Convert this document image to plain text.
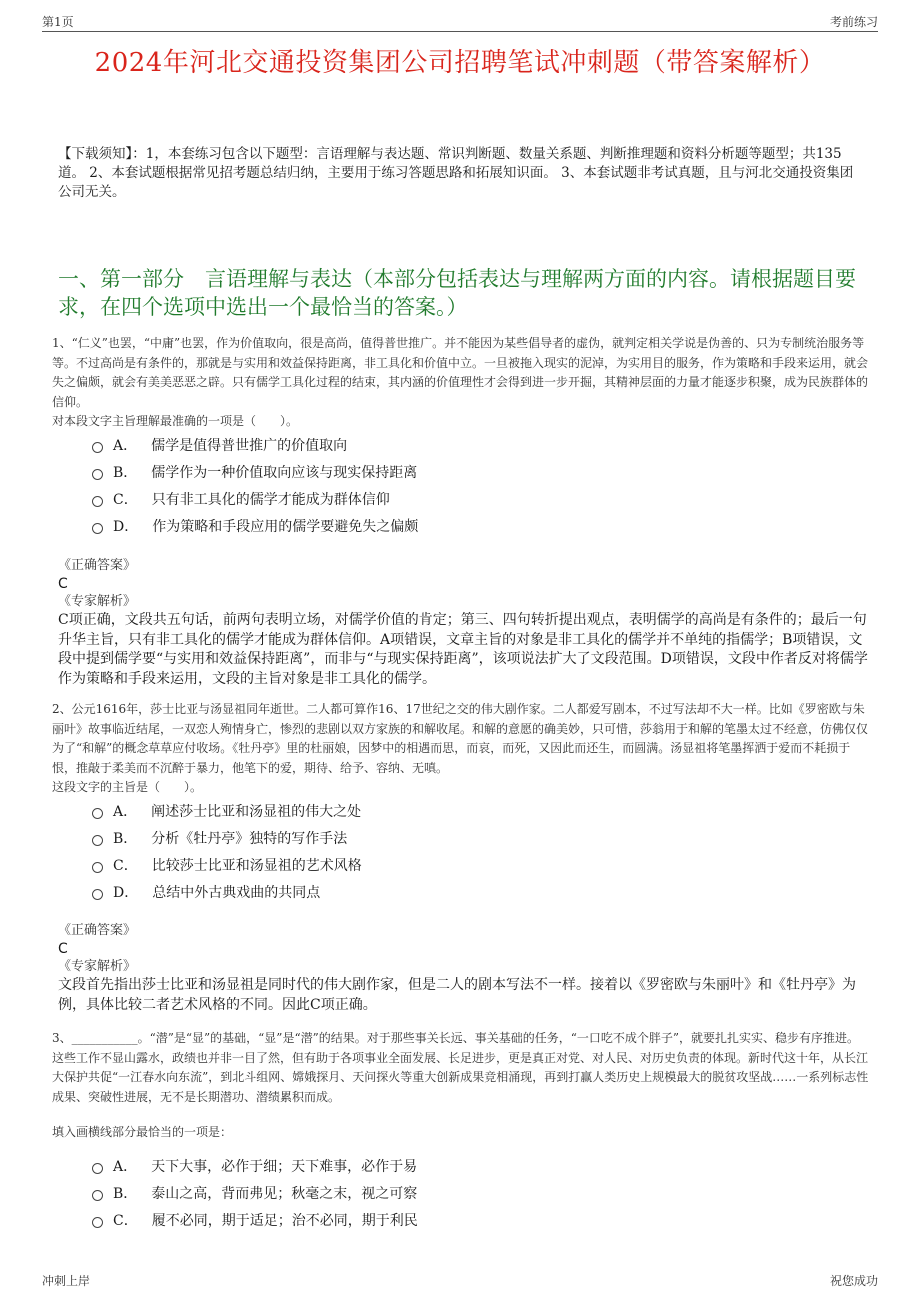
第1页	考前练习
2024年河北交通投资集团公司招聘笔试冲刺题（带答案解析）
【下载须知】：1，本套练习包含以下题型：言语理解与表达题、常识判断题、数量关系题、判断推理题和资料分析题等题型；共135道。 2、本套试题根据常见招考题总结归纳，主要用于练习答题思路和拓展知识面。 3、本套试题非考试真题，且与河北交通投资集团公司无关。
一、第一部分　言语理解与表达（本部分包括表达与理解两方面的内容。请根据题目要求，在四个选项中选出一个最恰当的答案。）
1、“仁义”也罢，“中庸”也罢，作为价值取向，很是高尚，值得普世推广。并不能因为某些倡导者的虚伪，就判定相关学说是伪善的、只为专制统治服务等等。不过高尚是有条件的，那就是与实用和效益保持距离，非工具化和价值中立。一旦被拖入现实的泥淖，为实用目的服务，作为策略和手段来运用，就会失之偏颇，就会有美美恶恶之辟。只有儒学工具化过程的结束，其内涵的价值理性才会得到进一步开掘，其精神层面的力量才能逐步积聚，成为民族群体的信仰。
对本段文字主旨理解最准确的一项是（　　）。
A． 儒学是值得普世推广的价值取向
B． 儒学作为一种价值取向应该与现实保持距离
C． 只有非工具化的儒学才能成为群体信仰
D． 作为策略和手段应用的儒学要避免失之偏颇
《正确答案》
C
《专家解析》
C项正确，文段共五句话，前两句表明立场，对儒学价值的肯定；第三、四句转折提出观点，表明儒学的高尚是有条件的；最后一句升华主旨，只有非工具化的儒学才能成为群体信仰。A项错误，文章主旨的对象是非工具化的儒学并不单纯的指儒学；B项错误，文段中提到儒学要“与实用和效益保持距离”，而非与“与现实保持距离”，该项说法扩大了文段范围。D项错误，文段中作者反对将儒学作为策略和手段来运用，文段的主旨对象是非工具化的儒学。
2、公元1616年，莎士比亚与汤显祖同年逝世。二人都可算作16、17世纪之交的伟大剧作家。二人都爱写剧本，不过写法却不大一样。比如《罗密欧与朱丽叶》故事临近结尾，一双恋人殉情身亡，惨烈的悲剧以双方家族的和解收尾。和解的意愿的确美妙，只可惜，莎翁用于和解的笔墨太过不经意，仿佛仅仅为了“和解”的概念草草应付收场。《牡丹亭》里的杜丽娘，因梦中的相遇而思，而哀，而死，又因此而还生，而圆满。汤显祖将笔墨挥洒于爱而不耗损于恨，推敲于柔美而不沉醉于暴力，他笔下的爱，期待、给予、容纳、无嗔。
这段文字的主旨是（　　）。
A． 阐述莎士比亚和汤显祖的伟大之处
B． 分析《牡丹亭》独特的写作手法
C． 比较莎士比亚和汤显祖的艺术风格
D． 总结中外古典戏曲的共同点
《正确答案》
C
《专家解析》
文段首先指出莎士比亚和汤显祖是同时代的伟大剧作家，但是二人的剧本写法不一样。接着以《罗密欧与朱丽叶》和《牡丹亭》为例，具体比较二者艺术风格的不同。因此C项正确。
3、___________。“潜”是“显”的基础，“显”是“潜”的结果。对于那些事关长远、事关基础的任务，“一口吃不成个胖子”，就要扎扎实实、稳步有序推进。这些工作不显山露水，政绩也并非一目了然，但有助于各项事业全面发展、长足进步，更是真正对党、对人民、对历史负责的体现。新时代这十年，从长江大保护共促“一江春水向东流”，到北斗组网、嫦娥探月、天问探火等重大创新成果竞相涌现，再到打赢人类历史上规模最大的脱贫攻坚战……一系列标志性成果、突破性进展，无不是长期潜功、潜绩累积而成。
填入画横线部分最恰当的一项是：
A． 天下大事，必作于细；天下难事，必作于易
B． 泰山之高，背而弗见；秋毫之末，视之可察
C． 履不必同，期于适足；治不必同，期于利民
冲刺上岸	祝您成功
